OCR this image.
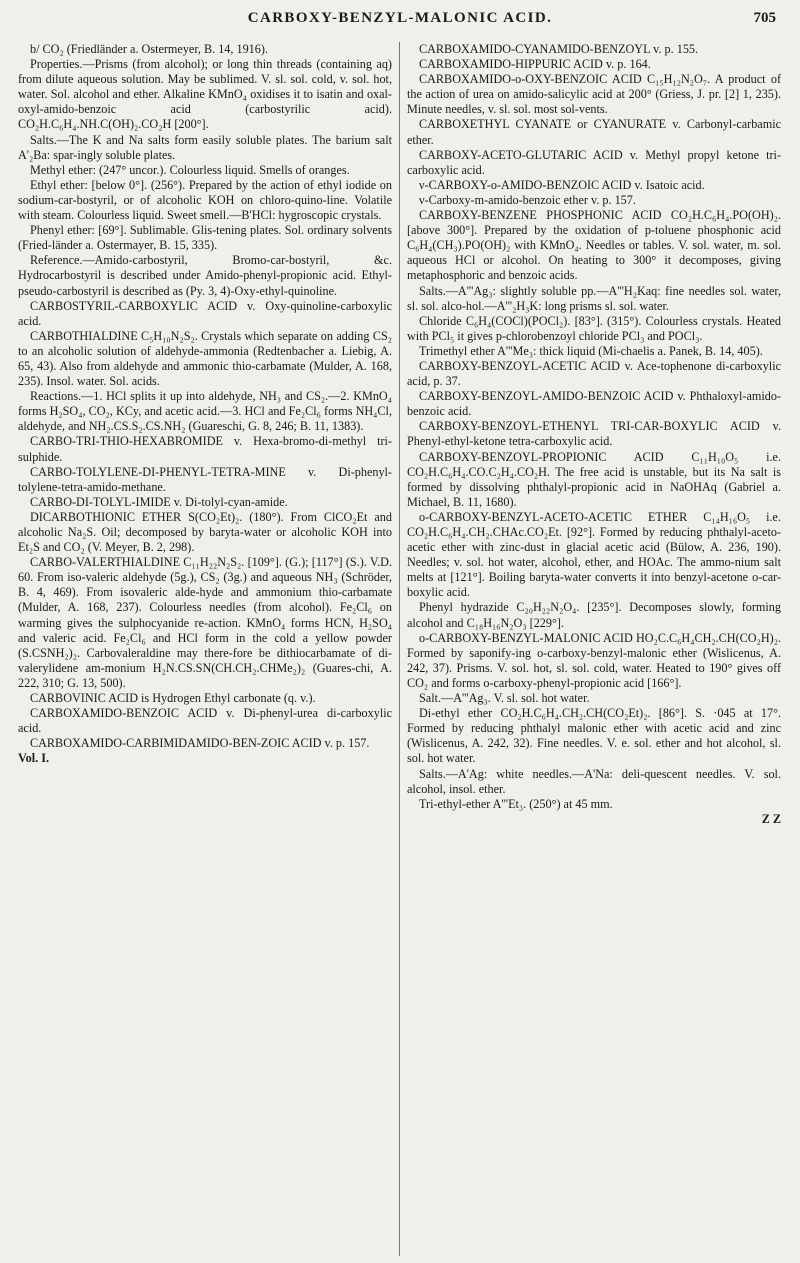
CARBOXY-BENZYL-MALONIC ACID.	705

b/ CO₂ (Friedländer a. Ostermeyer, B. 14, 1916).

Properties.—Prisms (from alcohol); or long thin threads (containing aq) from dilute aqueous solution. May be sublimed. V. sl. sol. cold, v. sol. hot, water. Sol. alcohol and ether. Alkaline KMnO₄ oxidises it to isatin and oxal-oxyl-amido-benzoic acid (carbostyrilic acid). CO₂H.C₆H₄.NH.C(OH)₂.CO₂H [200°].

Salts.—The K and Na salts form easily soluble plates. The barium salt A'₂Ba: spar-ingly soluble plates.

Methyl ether: (247° uncor.). Colourless liquid. Smells of oranges.

Ethyl ether: [below 0°]. (256°). Prepared by the action of ethyl iodide on sodium-car-bostyril, or of alcoholic KOH on chloro-quino-line. Volatile with steam. Colourless liquid. Sweet smell.—B'HCl: hygroscopic crystals.

Phenyl ether: [69°]. Sublimable. Glis-tening plates. Sol. ordinary solvents (Fried-länder a. Ostermayer, B. 15, 335).

Reference.—Amido-carbostyril, Bromo-car-bostyril, &c. Hydrocarbostyril is described under Amido-phenyl-propionic acid. Ethyl-pseudo-carbostyril is described as (Py. 3, 4)-Oxy-ethyl-quinoline.

CARBOSTYRIL-CARBOXYLIC ACID v. Oxy-quinoline-carboxylic acid.

CARBOTHIALDINE C₅H₁₀N₂S₂. Crystals which separate on adding CS₂ to an alcoholic solution of aldehyde-ammonia (Redtenbacher a. Liebig, A. 65, 43). Also from aldehyde and ammonic thio-carbamate (Mulder, A. 168, 235). Insol. water. Sol. acids.

Reactions.—1. HCl splits it up into aldehyde, NH₃ and CS₂.—2. KMnO₄ forms H₂SO₄, CO₂, KCy, and acetic acid.—3. HCl and Fe₂Cl₆ forms NH₄Cl, aldehyde, and NH₂.CS.S₂.CS.NH₂ (Guareschi, G. 8, 246; B. 11, 1383).

CARBO-TRI-THIO-HEXABROMIDE v. Hexa-bromo-di-methyl tri-sulphide.

CARBO-TOLYLENE-DI-PHENYL-TETRA-MINE v. Di-phenyl-tolylene-tetra-amido-methane.

CARBO-DI-TOLYL-IMIDE v. Di-tolyl-cyan-amide.

DICARBOTHIONIC ETHER S(CO₂Et)₂. (180°). From ClCO₂Et and alcoholic Na₂S. Oil; decomposed by baryta-water or alcoholic KOH into Et₂S and CO₂ (V. Meyer, B. 2, 298).

CARBO-VALERTHIALDINE C₁₁H₂₂N₂S₂. [109°]. (G.); [117°] (S.). V.D. 60. From iso-valeric aldehyde (5g.), CS₂ (3g.) and aqueous NH₃ (Schröder, B. 4, 469). From isovaleric alde-hyde and ammonium thio-carbamate (Mulder, A. 168, 237). Colourless needles (from alcohol). Fe₂Cl₆ on warming gives the sulphocyanide re-action. KMnO₄ forms HCN, H₂SO₄ and valeric acid. Fe₂Cl₆ and HCl form in the cold a yellow powder (S.CSNH₂)₂. Carbovaleraldine may there-fore be dithiocarbamate of di-valerylidene am-monium H₂N.CS.SN(CH.CH₂.CHMe₂)₂ (Guares-chi, A. 222, 310; G. 13, 500).

CARBOVINIC ACID is Hydrogen Ethyl carbonate (q. v.).

CARBOXAMIDO-BENZOIC ACID v. Di-phenyl-urea di-carboxylic acid.

CARBOXAMIDO-CARBIMIDAMIDO-BEN-ZOIC ACID v. p. 157.

Vol. I.

CARBOXAMIDO-CYANAMIDO-BENZOYL v. p. 155.

CARBOXAMIDO-HIPPURIC ACID v. p. 164.

CARBOXAMIDO-o-OXY-BENZOIC ACID C₁₅H₁₂N₂O₇. A product of the action of urea on amido-salicylic acid at 200° (Griess, J. pr. [2] 1, 235). Minute needles, v. sl. sol. most sol-vents.

CARBOXETHYL CYANATE or CYANURATE v. Carbonyl-carbamic ether.

CARBOXY-ACETO-GLUTARIC ACID v. Methyl propyl ketone tri-carboxylic acid.

ν-CARBOXY-o-AMIDO-BENZOIC ACID v. Isatoic acid.

ν-Carboxy-m-amido-benzoic ether v. p. 157.

CARBOXY-BENZENE PHOSPHONIC ACID CO₂H.C₆H₄.PO(OH)₂. [above 300°]. Prepared by the oxidation of p-toluene phosphonic acid C₆H₄(CH₃).PO(OH)₂ with KMnO₄. Needles or tables. V. sol. water, m. sol. aqueous HCl or alcohol. On heating to 300° it decomposes, giving metaphosphoric and benzoic acids.

Salts.—A'''Ag₃: slightly soluble pp.—A'''H₂Kaq: fine needles sol. water, sl. sol. alco-hol.—A'''₂H₃K: long prisms sl. sol. water.

Chloride C₆H₄(COCl)(POCl₂). [83°]. (315°). Colourless crystals. Heated with PCl₅ it gives p-chlorobenzoyl chloride PCl₃ and POCl₃.

Trimethyl ether A'''Me₃: thick liquid (Mi-chaelis a. Panek, B. 14, 405).

CARBOXY-BENZOYL-ACETIC ACID v. Ace-tophenone di-carboxylic acid, p. 37.

CARBOXY-BENZOYL-AMIDO-BENZOIC ACID v. Phthaloxyl-amido-benzoic acid.

CARBOXY-BENZOYL-ETHENYL TRI-CAR-BOXYLIC ACID v. Phenyl-ethyl-ketone tetra-carboxylic acid.

CARBOXY-BENZOYL-PROPIONIC ACID C₁₁H₁₀O₅ i.e. CO₂H.C₆H₄.CO.C₂H₄.CO₂H. The free acid is unstable, but its Na salt is formed by dissolving phthalyl-propionic acid in NaOHAq (Gabriel a. Michael, B. 11, 1680).

o-CARBOXY-BENZYL-ACETO-ACETIC ETHER C₁₄H₁₆O₅ i.e. CO₂H.C₆H₄.CH₂.CHAc.CO₂Et. [92°]. Formed by reducing phthalyl-aceto-acetic ether with zinc-dust in glacial acetic acid (Bülow, A. 236, 190). Needles; v. sol. hot water, alcohol, ether, and HOAc. The ammo-nium salt melts at [121°]. Boiling baryta-water converts it into benzyl-acetone o-car-boxylic acid.

Phenyl hydrazide C₂₀H₂₂N₂O₄. [235°]. Decomposes slowly, forming alcohol and C₁₈H₁₆N₂O₃ [229°].

o-CARBOXY-BENZYL-MALONIC ACID HO₂C.C₆H₄CH₂.CH(CO₂H)₂. Formed by saponify-ing o-carboxy-benzyl-malonic ether (Wislicenus, A. 242, 37). Prisms. V. sol. hot, sl. sol. cold, water. Heated to 190° gives off CO₂ and forms o-carboxy-phenyl-propionic acid [166°].

Salt.—A'''Ag₃. V. sl. sol. hot water.

Di-ethyl ether CO₂H.C₆H₄.CH₂.CH(CO₂Et)₂. [86°]. S. ·045 at 17°. Formed by reducing phthalyl malonic ether with acetic acid and zinc (Wislicenus, A. 242, 32). Fine needles. V. e. sol. ether and hot alcohol, sl. sol. hot water.

Salts.—A'Ag: white needles.—A'Na: deli-quescent needles. V. sol. alcohol, insol. ether.

Tri-ethyl-ether A'''Et₃. (250°) at 45 mm.

Z Z
